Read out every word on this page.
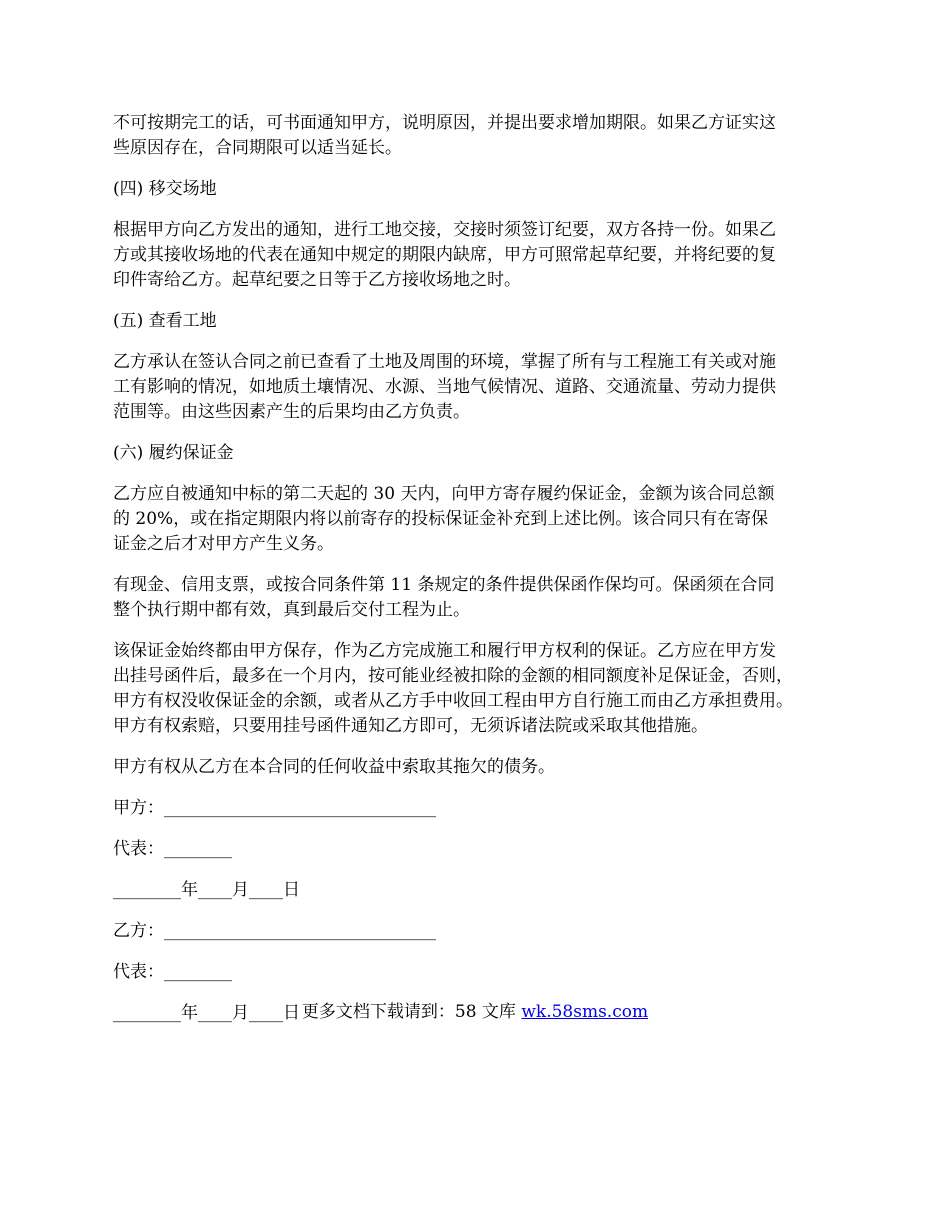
不可按期完工的话，可书面通知甲方，说明原因，并提出要求增加期限。如果乙方证实这
些原因存在，合同期限可以适当延长。

(四) 移交场地

根据甲方向乙方发出的通知，进行工地交接，交接时须签订纪要，双方各持一份。如果乙
方或其接收场地的代表在通知中规定的期限内缺席，甲方可照常起草纪要，并将纪要的复
印件寄给乙方。起草纪要之日等于乙方接收场地之时。

(五) 查看工地

乙方承认在签认合同之前已查看了土地及周围的环境，掌握了所有与工程施工有关或对施
工有影响的情况，如地质土壤情况、水源、当地气候情况、道路、交通流量、劳动力提供
范围等。由这些因素产生的后果均由乙方负责。

(六) 履约保证金

乙方应自被通知中标的第二天起的 30 天内，向甲方寄存履约保证金，金额为该合同总额
的 20%，或在指定期限内将以前寄存的投标保证金补充到上述比例。该合同只有在寄保
证金之后才对甲方产生义务。

有现金、信用支票，或按合同条件第 11 条规定的条件提供保函作保均可。保函须在合同
整个执行期中都有效，真到最后交付工程为止。

该保证金始终都由甲方保存，作为乙方完成施工和履行甲方权利的保证。乙方应在甲方发
出挂号函件后，最多在一个月内，按可能业经被扣除的金额的相同额度补足保证金，否则，
甲方有权没收保证金的余额，或者从乙方手中收回工程由甲方自行施工而由乙方承担费用。
甲方有权索赔，只要用挂号函件通知乙方即可，无须诉诸法院或采取其他措施。

甲方有权从乙方在本合同的任何收益中索取其拖欠的债务。

甲方：________________________________
代表：________
________年____月____日
乙方：________________________________
代表：________
________年____月____日 更多文档下载请到：58 文库 wk.58sms.com
